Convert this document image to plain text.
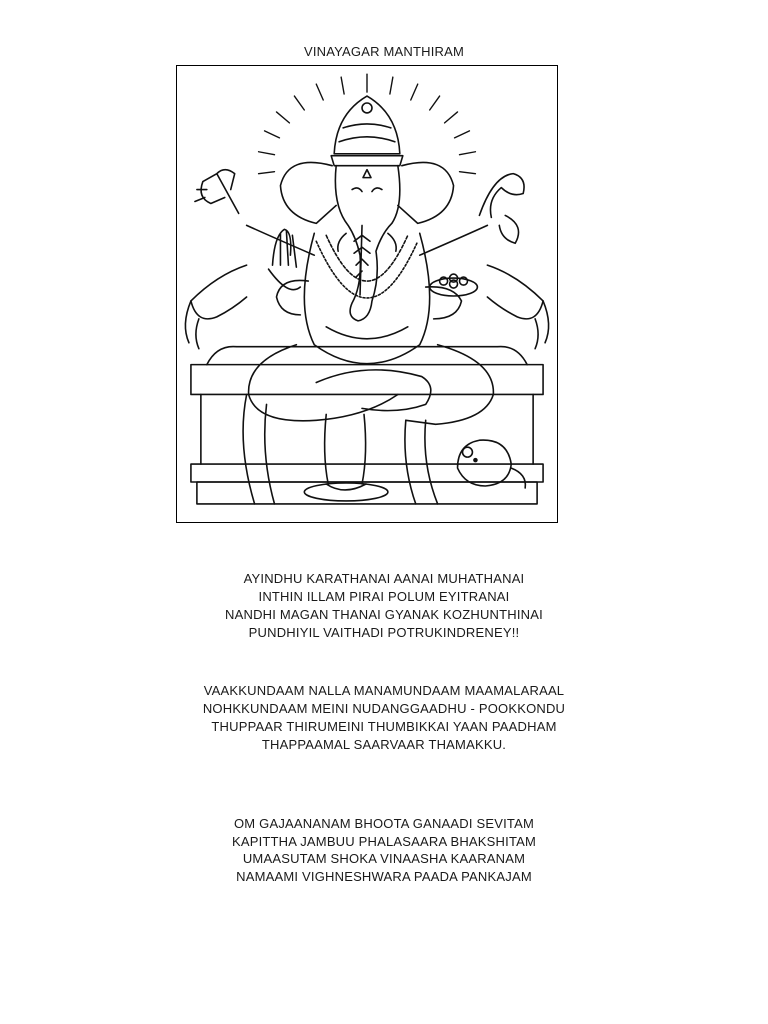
VINAYAGAR MANTHIRAM
AYINDHU KARATHANAI AANAI MUHATHANAI
INTHIN ILLAM PIRAI POLUM EYITRANAI
NANDHI MAGAN THANAI GYANAK KOZHUNTHINAI
PUNDHIYIL VAITHADI POTRUKINDRENEY!!
VAAKKUNDAAM NALLA MANAMUNDAAM MAAMALARAAL
NOHKKUNDAAM MEINI NUDANGGAADHU - POOKKONDU
THUPPAAR THIRUMEINI THUMBIKKAI YAAN PAADHAM
THAPPAAMAL SAARVAAR THAMAKKU.
OM GAJAANANAM BHOOTA GANAADI SEVITAM
KAPITTHA JAMBUU PHALASAARA BHAKSHITAM
UMAASUTAM SHOKA VINAASHA KAARANAM
NAMAAMI VIGHNESHWARA PAADA PANKAJAM
